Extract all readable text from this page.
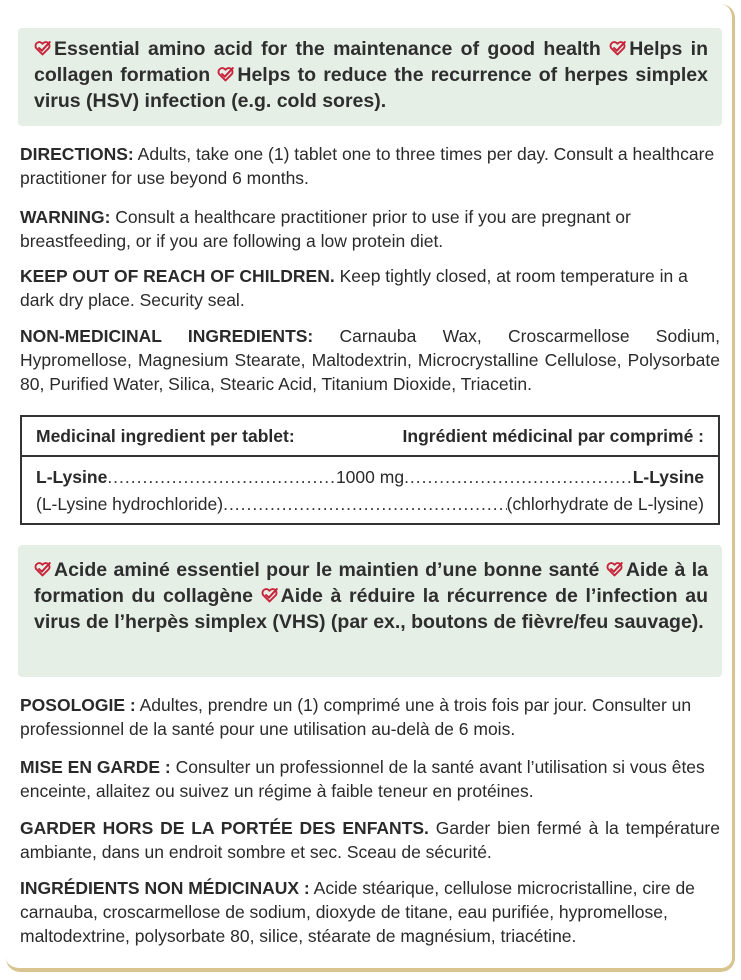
Essential amino acid for the maintenance of good health Helps in collagen formation Helps to reduce the recurrence of herpes simplex virus (HSV) infection (e.g. cold sores).

DIRECTIONS: Adults, take one (1) tablet one to three times per day. Consult a healthcare practitioner for use beyond 6 months.

WARNING: Consult a healthcare practitioner prior to use if you are pregnant or breastfeeding, or if you are following a low protein diet.

KEEP OUT OF REACH OF CHILDREN. Keep tightly closed, at room temperature in a dark dry place. Security seal.

NON-MEDICINAL INGREDIENTS: Carnauba Wax, Croscarmellose Sodium, Hypromellose, Magnesium Stearate, Maltodextrin, Microcrystalline Cellulose, Polysorbate 80, Purified Water, Silica, Stearic Acid, Titanium Dioxide, Triacetin.

Medicinal ingredient per tablet:	Ingrédient médicinal par comprimé :
L-Lysine .....	1000 mg .....	L-Lysine
(L-Lysine hydrochloride) .....	(chlorhydrate de L-lysine)

Acide aminé essentiel pour le maintien d’une bonne santé Aide à la formation du collagène Aide à réduire la récurrence de l’infection au virus de l’herpès simplex (VHS) (par ex., boutons de fièvre/feu sauvage).

POSOLOGIE : Adultes, prendre un (1) comprimé une à trois fois par jour. Consulter un professionnel de la santé pour une utilisation au-delà de 6 mois.

MISE EN GARDE : Consulter un professionnel de la santé avant l’utilisation si vous êtes enceinte, allaitez ou suivez un régime à faible teneur en protéines.

GARDER HORS DE LA PORTÉE DES ENFANTS. Garder bien fermé à la température ambiante, dans un endroit sombre et sec. Sceau de sécurité.

INGRÉDIENTS NON MÉDICINAUX : Acide stéarique, cellulose microcristalline, cire de carnauba, croscarmellose de sodium, dioxyde de titane, eau purifiée, hypromellose, maltodextrine, polysorbate 80, silice, stéarate de magnésium, triacétine.
